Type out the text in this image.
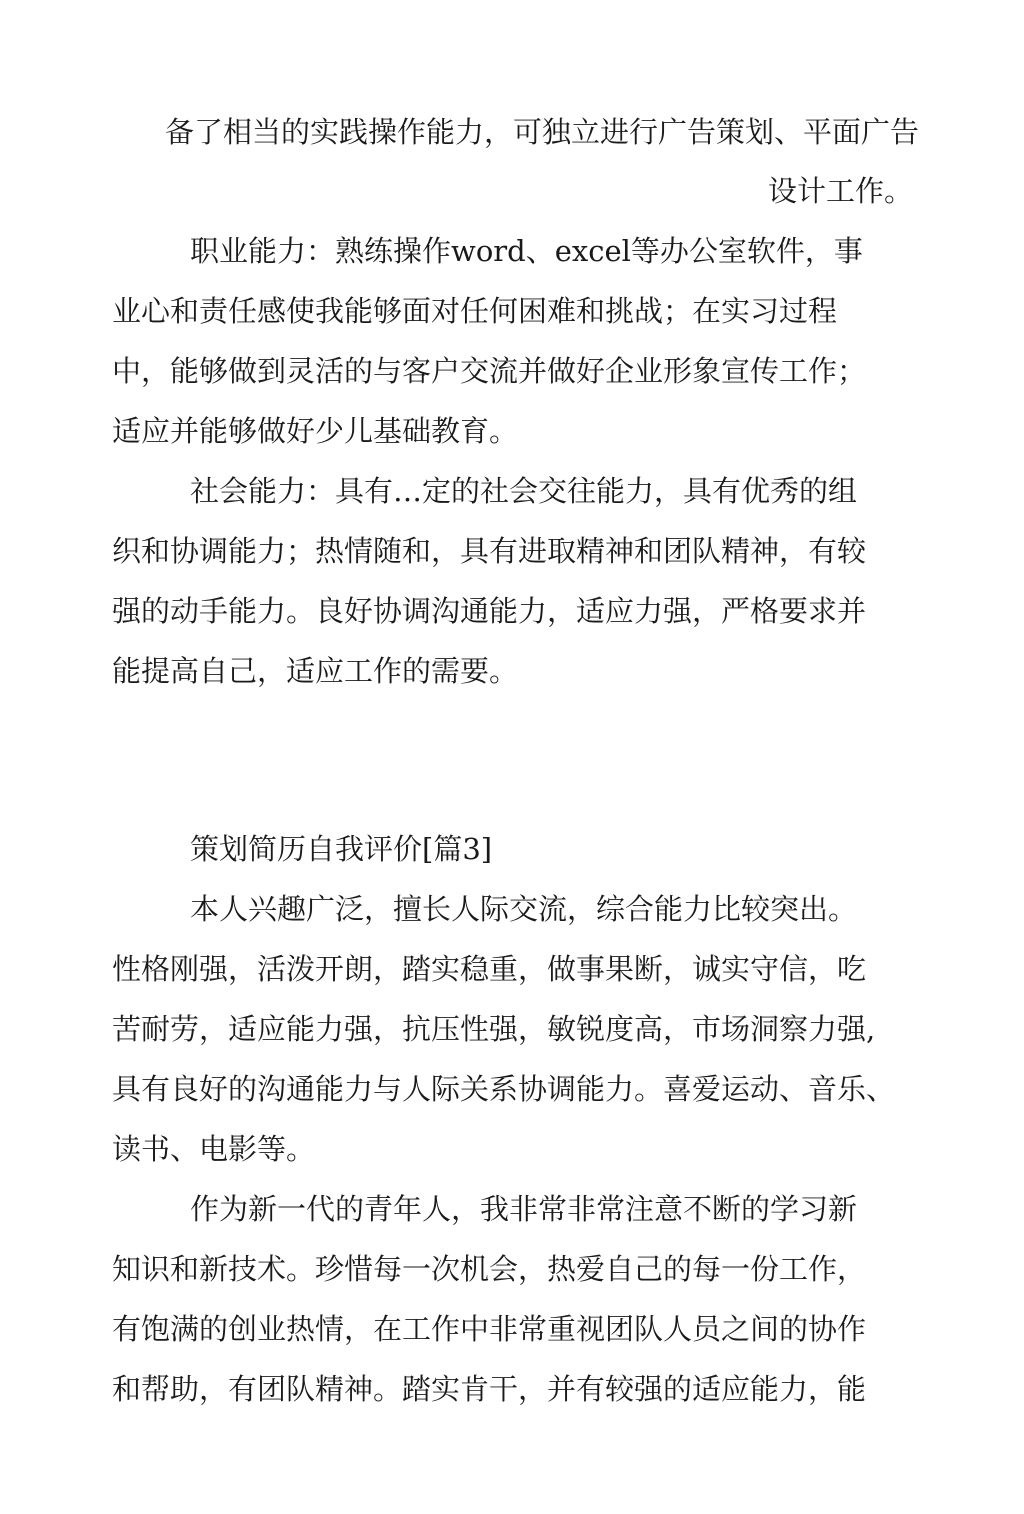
备了相当的实践操作能力，可独立进行广告策划、平面广告
设计工作。
职业能力：熟练操作word、excel等办公室软件，事
业心和责任感使我能够面对任何困难和挑战；在实习过程
中，能够做到灵活的与客户交流并做好企业形象宣传工作；
适应并能够做好少儿基础教育。
社会能力：具有…定的社会交往能力，具有优秀的组
织和协调能力；热情随和，具有进取精神和团队精神，有较
强的动手能力。良好协调沟通能力，适应力强，严格要求并
能提高自己，适应工作的需要。
策划简历自我评价[篇3]
本人兴趣广泛，擅长人际交流，综合能力比较突出。
性格刚强，活泼开朗，踏实稳重，做事果断，诚实守信，吃
苦耐劳，适应能力强，抗压性强，敏锐度高，市场洞察力强,
具有良好的沟通能力与人际关系协调能力。喜爱运动、音乐、
读书、电影等。
作为新一代的青年人，我非常非常注意不断的学习新
知识和新技术。珍惜每一次机会，热爱自己的每一份工作，
有饱满的创业热情，在工作中非常重视团队人员之间的协作
和帮助，有团队精神。踏实肯干，并有较强的适应能力，能
